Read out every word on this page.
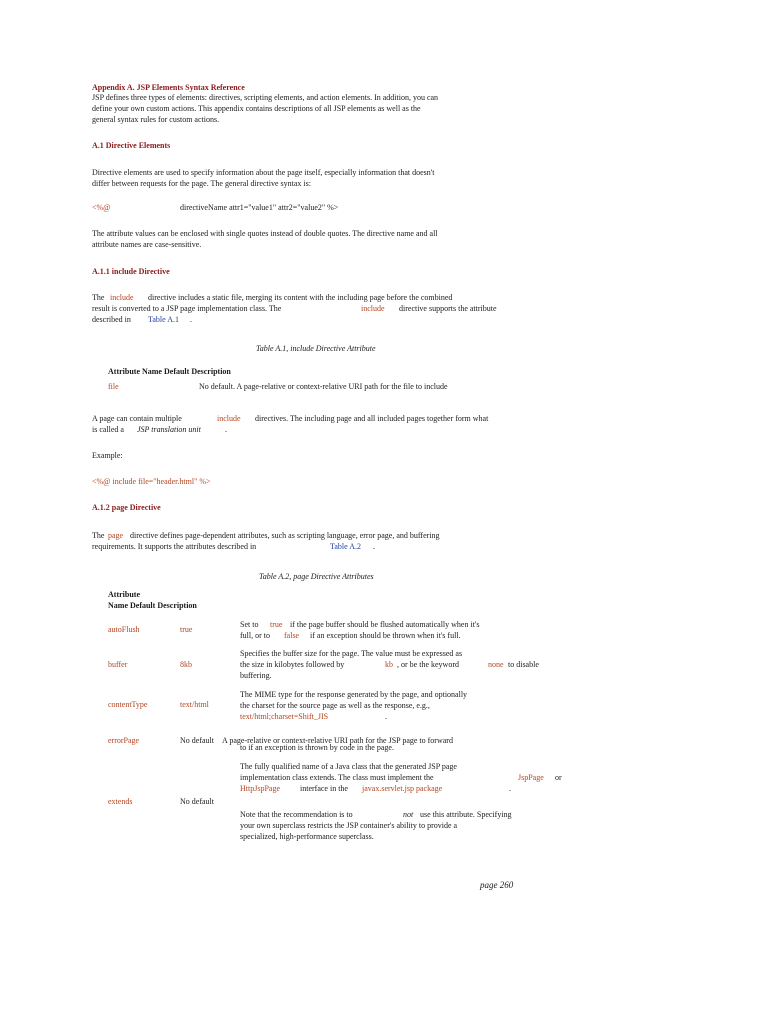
Appendix A. JSP Elements Syntax Reference
JSP defines three types of elements: directives, scripting elements, and action elements. In addition, you can
define your own custom actions. This appendix contains descriptions of all JSP elements as well as the
general syntax rules for custom actions.
A.1 Directive Elements
Directive elements are used to specify information about the page itself, especially information that doesn't
differ between requests for the page. The general directive syntax is:
<%@	directiveName attr1="value1" attr2="value2" %>
The attribute values can be enclosed with single quotes instead of double quotes. The directive name and all
attribute names are case-sensitive.
A.1.1 include Directive
The include directive includes a static file, merging its content with the including page before the combined
result is converted to a JSP page implementation class. The	include directive supports the attribute
described in Table A.1 .
Table A.1, include Directive Attribute
Attribute Name Default Description
file	No default. A page-relative or context-relative URI path for the file to include
A page can contain multiple	include directives. The including page and all included pages together form what
is called a JSP translation unit	.
Example:
<%@ include file="header.html" %>
A.1.2 page Directive
The page directive defines page-dependent attributes, such as scripting language, error page, and buffering
requirements. It supports the attributes described in	Table A.2 .
Table A.2, page Directive Attributes
Attribute
Name Default Description
autoFlush	true
Set to true if the page buffer should be flushed automatically when it's
full, or to false if an exception should be thrown when it's full.
buffer	8kb
Specifies the buffer size for the page. The value must be expressed as
the size in kilobytes followed by	kb , or be the keyword	none to disable
buffering.
contentType	text/html
The MIME type for the response generated by the page, and optionally
the charset for the source page as well as the response, e.g.,
text/html;charset=Shift_JIS	.
errorPage	No default A page-relative or context-relative URI path for the JSP page to forward
to if an exception is thrown by code in the page.
extends	No default
The fully qualified name of a Java class that the generated JSP page
implementation class extends. The class must implement the	JspPage or
HttpJspPage	interface in the javax.servlet.jsp package	.
Note that the recommendation is to	not use this attribute. Specifying
your own superclass restricts the JSP container's ability to provide a
specialized, high-performance superclass.
page 260
